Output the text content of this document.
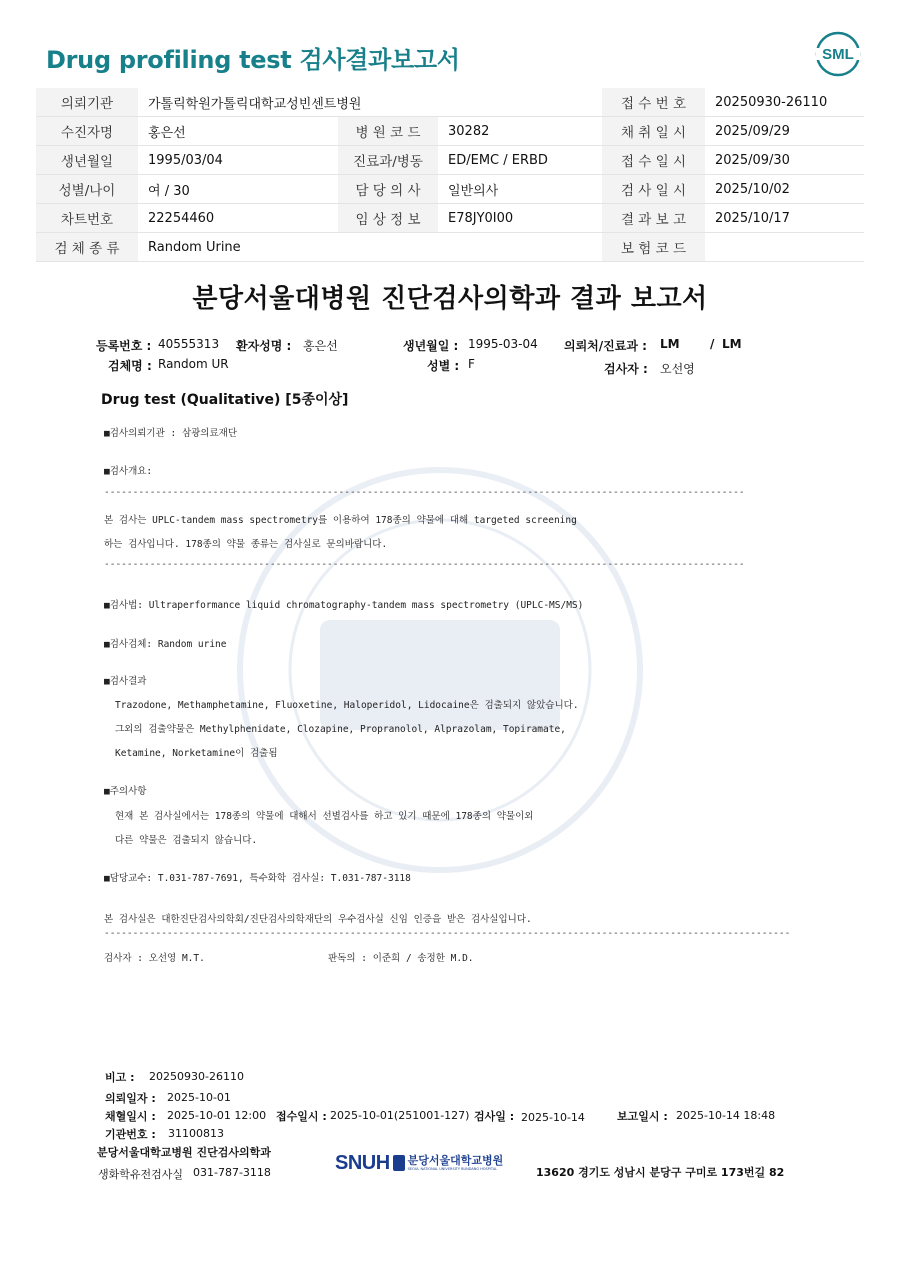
Drug profiling test 검사결과보고서	SML
의뢰기관	가톨릭학원가톨릭대학교성빈센트병원			접 수 번 호	20250930-26110
수진자명	홍은선	병 원 코 드	30282	채 취 일 시	2025/09/29
생년월일	1995/03/04	진료과/병동	ED/EMC / ERBD	접 수 일 시	2025/09/30
성별/나이	여 / 30	담 당 의 사	일반의사	검 사 일 시	2025/10/02
차트번호	22254460	임 상 정 보	E78JY0I00	결 과 보 고	2025/10/17
검 체 종 류	Random Urine			보 험 코 드	
분당서울대병원 진단검사의학과 결과 보고서
등록번호 : 40555313 환자성명 : 홍은선	생년월일 : 1995-03-04 의뢰처/진료과 : LM	/ LM
검체명 : Random UR	성별 : F	검사자 : 오선영
Drug test (Qualitative) [5종이상]
■검사의뢰기관 : 삼광의료재단
■검사개요:
----------------------------------------------------------------------------------------------------------------
본 검사는 UPLC-tandem mass spectrometry를 이용하여 178종의 약물에 대해 targeted screening
하는 검사입니다. 178종의 약물 종류는 검사실로 문의바랍니다.
----------------------------------------------------------------------------------------------------------------
■검사법: Ultraperformance liquid chromatography-tandem mass spectrometry (UPLC-MS/MS)
■검사검체: Random urine
■검사결과
Trazodone, Methamphetamine, Fluoxetine, Haloperidol, Lidocaine은 검출되지 않았습니다.
그외의 검출약물은 Methylphenidate, Clozapine, Propranolol, Alprazolam, Topiramate,
Ketamine, Norketamine이 검출됨
■주의사항
현재 본 검사실에서는 178종의 약물에 대해서 선별검사를 하고 있기 때문에 178종의 약물이외
다른 약물은 검출되지 않습니다.
■담당교수: T.031-787-7691, 특수화학 검사실: T.031-787-3118
본 검사실은 대한진단검사의학회/진단검사의학재단의 우수검사실 신임 인증을 받은 검사실입니다.
------------------------------------------------------------------------------------------------------------------------
검사자 : 오선영 M.T.	판독의 : 이준희 / 송정한 M.D.
비고 : 20250930-26110
의뢰일자 : 2025-10-01
채혈일시 : 2025-10-01 12:00 접수일시 : 2025-10-01(251001-127) 검사일 : 2025-10-14	보고일시 : 2025-10-14 18:48
기관번호 : 31100813
분당서울대학교병원 진단검사의학과
생화학유전검사실 031-787-3118	SNUH 분당서울대학교병원
SEOUL NATIONAL UNIVERSITY BUNDANG HOSPITAL	13620 경기도 성남시 분당구 구미로 173번길 82
